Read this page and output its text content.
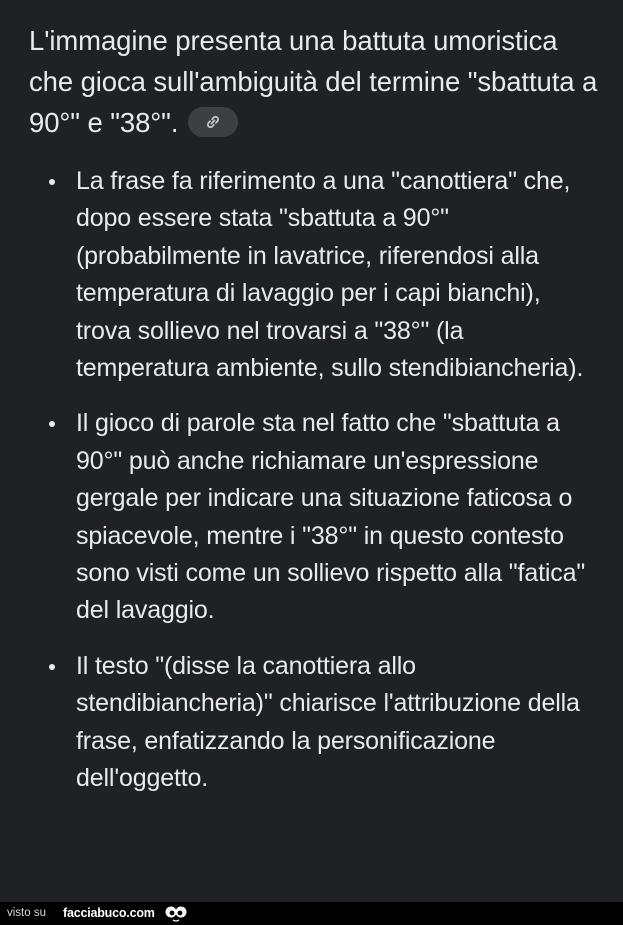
L'immagine presenta una battuta umoristica che gioca sull'ambiguità del termine "sbattuta a 90°" e "38°".
La frase fa riferimento a una "canottiera" che, dopo essere stata "sbattuta a 90°" (probabilmente in lavatrice, riferendosi alla temperatura di lavaggio per i capi bianchi), trova sollievo nel trovarsi a "38°" (la temperatura ambiente, sullo stendibiancheria).
Il gioco di parole sta nel fatto che "sbattuta a 90°" può anche richiamare un'espressione gergale per indicare una situazione faticosa o spiacevole, mentre i "38°" in questo contesto sono visti come un sollievo rispetto alla "fatica" del lavaggio.
Il testo "(disse la canottiera allo stendibiancheria)" chiarisce l'attribuzione della frase, enfatizzando la personificazione dell'oggetto.
visto su facciabuco.com
